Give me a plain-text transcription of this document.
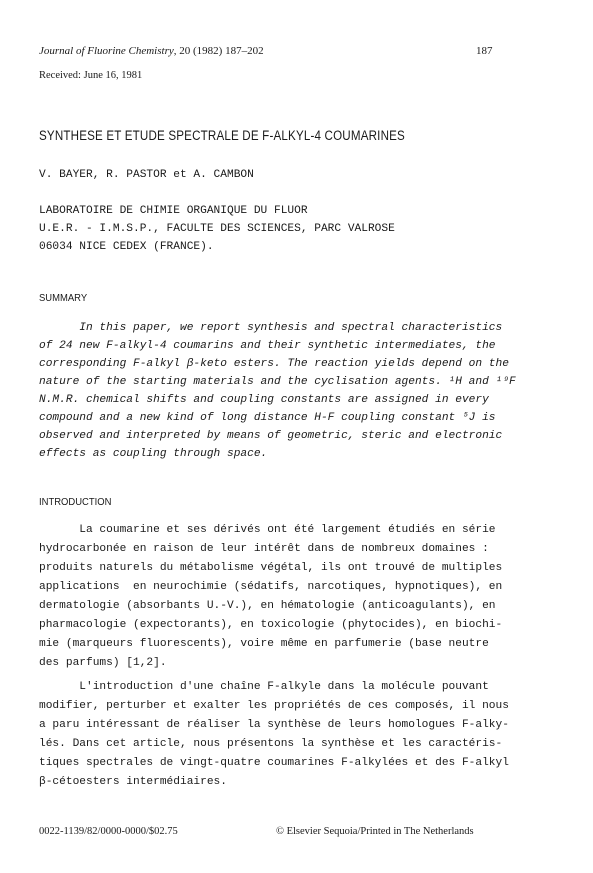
Journal of Fluorine Chemistry, 20 (1982) 187–202	187
Received: June 16, 1981
SYNTHESE ET ETUDE SPECTRALE DE F-ALKYL-4 COUMARINES
V. BAYER, R. PASTOR et A. CAMBON
LABORATOIRE DE CHIMIE ORGANIQUE DU FLUOR
U.E.R. - I.M.S.P., FACULTE DES SCIENCES, PARC VALROSE
06034 NICE CEDEX (FRANCE).
SUMMARY
In this paper, we report synthesis and spectral characteristics
of 24 new F-alkyl-4 coumarins and their synthetic intermediates, the
corresponding F-alkyl β-keto esters. The reaction yields depend on the
nature of the starting materials and the cyclisation agents. ¹H and ¹⁹F
N.M.R. chemical shifts and coupling constants are assigned in every
compound and a new kind of long distance H-F coupling constant ⁵J is
observed and interpreted by means of geometric, steric and electronic
effects as coupling through space.
INTRODUCTION
La coumarine et ses dérivés ont été largement étudiés en série
hydrocarbonée en raison de leur intérêt dans de nombreux domaines :
produits naturels du métabolisme végétal, ils ont trouvé de multiples
applications  en neurochimie (sédatifs, narcotiques, hypnotiques), en
dermatologie (absorbants U.-V.), en hématologie (anticoagulants), en
pharmacologie (expectorants), en toxicologie (phytocides), en biochi-
mie (marqueurs fluorescents), voire même en parfumerie (base neutre
des parfums) [1,2].
L'introduction d'une chaîne F-alkyle dans la molécule pouvant
modifier, perturber et exalter les propriétés de ces composés, il nous
a paru intéressant de réaliser la synthèse de leurs homologues F-alky-
lés. Dans cet article, nous présentons la synthèse et les caractéris-
tiques spectrales de vingt-quatre coumarines F-alkylées et des F-alkyl
β-cétoesters intermédiaires.
0022-1139/82/0000-0000/$02.75	© Elsevier Sequoia/Printed in The Netherlands
